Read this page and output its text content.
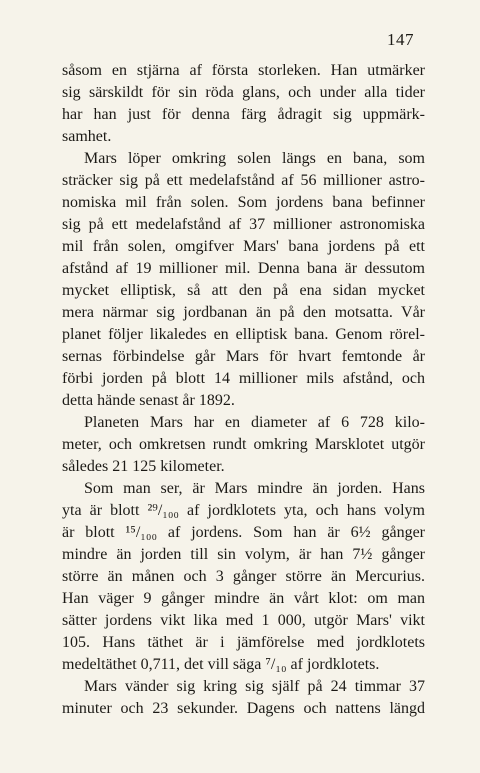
147
såsom en stjärna af första storleken. Han utmärker
sig särskildt för sin röda glans, och under alla tider
har han just för denna färg ådragit sig uppmärk-
samhet.
Mars löper omkring solen längs en bana, som
sträcker sig på ett medelafstånd af 56 millioner astro-
nomiska mil från solen. Som jordens bana befinner
sig på ett medelafstånd af 37 millioner astronomiska
mil från solen, omgifver Mars' bana jordens på ett
afstånd af 19 millioner mil. Denna bana är dessutom
mycket elliptisk, så att den på ena sidan mycket
mera närmar sig jordbanan än på den motsatta. Vår
planet följer likaledes en elliptisk bana. Genom rörel-
sernas förbindelse går Mars för hvart femtonde år
förbi jorden på blott 14 millioner mils afstånd, och
detta hände senast år 1892.
Planeten Mars har en diameter af 6 728 kilo-
meter, och omkretsen rundt omkring Marsklotet utgör
således 21 125 kilometer.
Som man ser, är Mars mindre än jorden. Hans
yta är blott ²⁹/₁₀₀ af jordklotets yta, och hans volym
är blott ¹⁵/₁₀₀ af jordens. Som han är 6½ gånger
mindre än jorden till sin volym, är han 7½ gånger
större än månen och 3 gånger större än Mercurius.
Han väger 9 gånger mindre än vårt klot: om man
sätter jordens vikt lika med 1 000, utgör Mars' vikt
105. Hans täthet är i jämförelse med jordklotets
medeltäthet 0,711, det vill säga ⁷/₁₀ af jordklotets.
Mars vänder sig kring sig själf på 24 timmar 37
minuter och 23 sekunder. Dagens och nattens längd
